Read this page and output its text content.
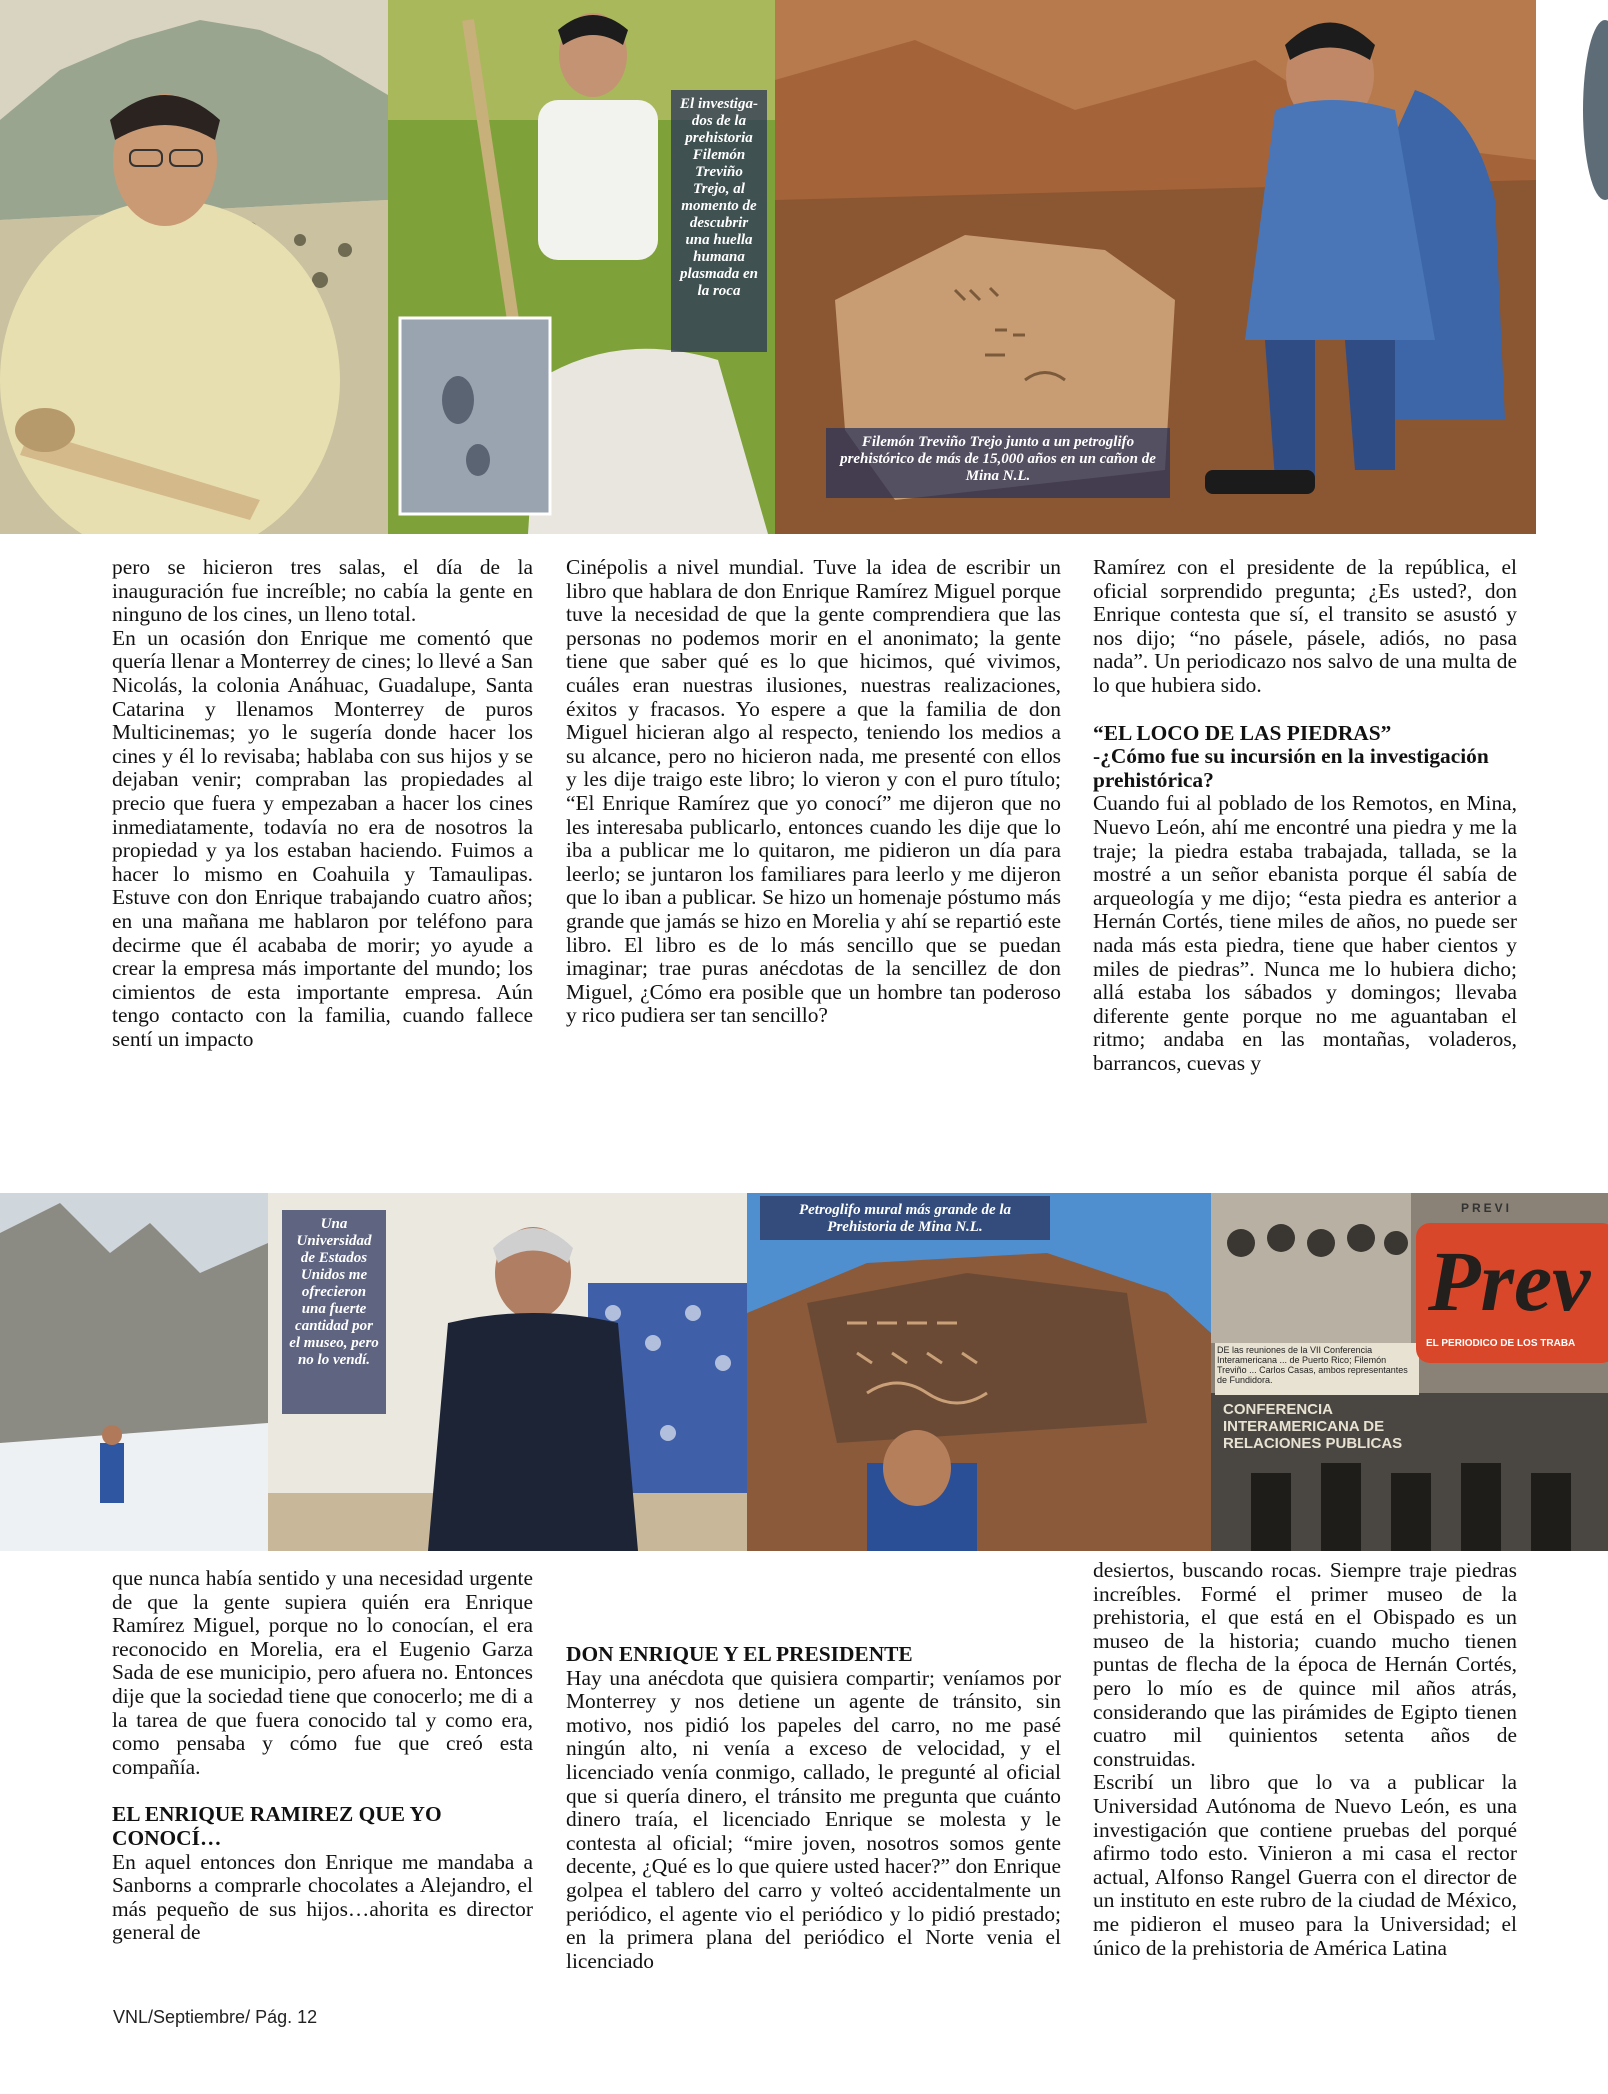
El investiga-dos de la prehistoria Filemón Treviño Trejo, al momento de descubrir una huella humana plasmada en la roca
Filemón Treviño Trejo junto a un petroglifo prehistórico de más de 15,000 años en un cañon de Mina N.L.

pero se hicieron tres salas, el día de la inauguración fue increíble; no cabía la gente en ninguno de los cines, un lleno total.

En un ocasión don Enrique me comentó que quería llenar a Monterrey de cines; lo llevé a San Nicolás, la colonia Anáhuac, Guadalupe, Santa Catarina y llenamos Monterrey de puros Multicinemas; yo le sugería donde hacer los cines y él lo revisaba; hablaba con sus hijos y se dejaban venir; compraban las propiedades al precio que fuera y empezaban a hacer los cines inmediatamente, todavía no era de nosotros la propiedad y ya los estaban haciendo. Fuimos a hacer lo mismo en Coahuila y Tamaulipas. Estuve con don Enrique trabajando cuatro años; en una mañana me hablaron por teléfono para decirme que él acababa de morir; yo ayude a crear la empresa más importante del mundo; los cimientos de esta importante empresa. Aún tengo contacto con la familia, cuando fallece sentí un impacto

Cinépolis a nivel mundial. Tuve la idea de escribir un libro que hablara de don Enrique Ramírez Miguel porque tuve la necesidad de que la gente comprendiera que las personas no podemos morir en el anonimato; la gente tiene que saber qué es lo que hicimos, qué vivimos, cuáles eran nuestras ilusiones, nuestras realizaciones, éxitos y fracasos. Yo espere a que la familia de don Miguel hicieran algo al respecto, teniendo los medios a su alcance, pero no hicieron nada, me presenté con ellos y les dije traigo este libro; lo vieron y con el puro título; “El Enrique Ramírez que yo conocí” me dijeron que no les interesaba publicarlo, entonces cuando les dije que lo iba a publicar me lo quitaron, me pidieron un día para leerlo; se juntaron los familiares para leerlo y me dijeron que lo iban a publicar. Se hizo un homenaje póstumo más grande que jamás se hizo en Morelia y ahí se repartió este libro. El libro es de lo más sencillo que se puedan imaginar; trae puras anécdotas de la sencillez de don Miguel, ¿Cómo era posible que un hombre tan poderoso y rico pudiera ser tan sencillo?

Ramírez con el presidente de la república, el oficial sorprendido pregunta; ¿Es usted?, don Enrique contesta que sí, el transito se asustó y nos dijo; “no pásele, pásele, adiós, no pasa nada”. Un periodicazo nos salvo de una multa de lo que hubiera sido.

“EL LOCO DE LAS PIEDRAS”
-¿Cómo fue su incursión en la investigación prehistórica?

Cuando fui al poblado de los Remotos, en Mina, Nuevo León, ahí me encontré una piedra y me la traje; la piedra estaba trabajada, tallada, se la mostré a un señor ebanista porque él sabía de arqueología y me dijo; “esta piedra es anterior a Hernán Cortés, tiene miles de años, no puede ser nada más esta piedra, tiene que haber cientos y miles de piedras”. Nunca me lo hubiera dicho; allá estaba los sábados y domingos; llevaba diferente gente porque no me aguantaban el ritmo; andaba en las montañas, voladeros, barrancos, cuevas y

Una Universidad de Estados Unidos me ofrecieron una fuerte cantidad por el museo, pero no lo vendí.
Petroglifo mural más grande de la Prehistoria de Mina N.L.
DE las reuniones de la VII Conferencia Interamericana ... de Puerto Rico; Filemón Treviño ... Carlos Casas, ambos representantes de Fundidora.
PREVI
Prev
EL PERIODICO DE LOS TRABA
CONFERENCIA INTERAMERICANA DE RELACIONES PUBLICAS

que nunca había sentido y una necesidad urgente de que la gente supiera quién era Enrique Ramírez Miguel, porque no lo conocían, el era reconocido en Morelia, era el Eugenio Garza Sada de ese municipio, pero afuera no. Entonces dije que la sociedad tiene que conocerlo; me di a la tarea de que fuera conocido tal y como era, como pensaba y cómo fue que creó esta compañía.

EL ENRIQUE RAMIREZ QUE YO CONOCÍ…

En aquel entonces don Enrique me mandaba a Sanborns a comprarle chocolates a Alejandro, el más pequeño de sus hijos…ahorita es director general de

DON ENRIQUE Y EL PRESIDENTE

Hay una anécdota que quisiera compartir; veníamos por Monterrey y nos detiene un agente de tránsito, sin motivo, nos pidió los papeles del carro, no me pasé ningún alto, ni venía a exceso de velocidad, y el licenciado venía conmigo, callado, le pregunté al oficial que si quería dinero, el tránsito me pregunta que cuánto dinero traía, el licenciado Enrique se molesta y le contesta al oficial; “mire joven, nosotros somos gente decente, ¿Qué es lo que quiere usted hacer?” don Enrique golpea el tablero del carro y volteó accidentalmente un periódico, el agente vio el periódico y lo pidió prestado; en la primera plana del periódico el Norte venia el licenciado

desiertos, buscando rocas. Siempre traje piedras increíbles. Formé el primer museo de la prehistoria, el que está en el Obispado es un museo de la historia; cuando mucho tienen puntas de flecha de la época de Hernán Cortés, pero lo mío es de quince mil años atrás, considerando que las pirámides de Egipto tienen cuatro mil quinientos setenta años de construidas.

Escribí un libro que lo va a publicar la Universidad Autónoma de Nuevo León, es una investigación que contiene pruebas del porqué afirmo todo esto. Vinieron a mi casa el rector actual, Alfonso Rangel Guerra con el director de un instituto en este rubro de la ciudad de México, me pidieron el museo para la Universidad; el único de la prehistoria de América Latina

VNL/Septiembre/ Pág. 12
